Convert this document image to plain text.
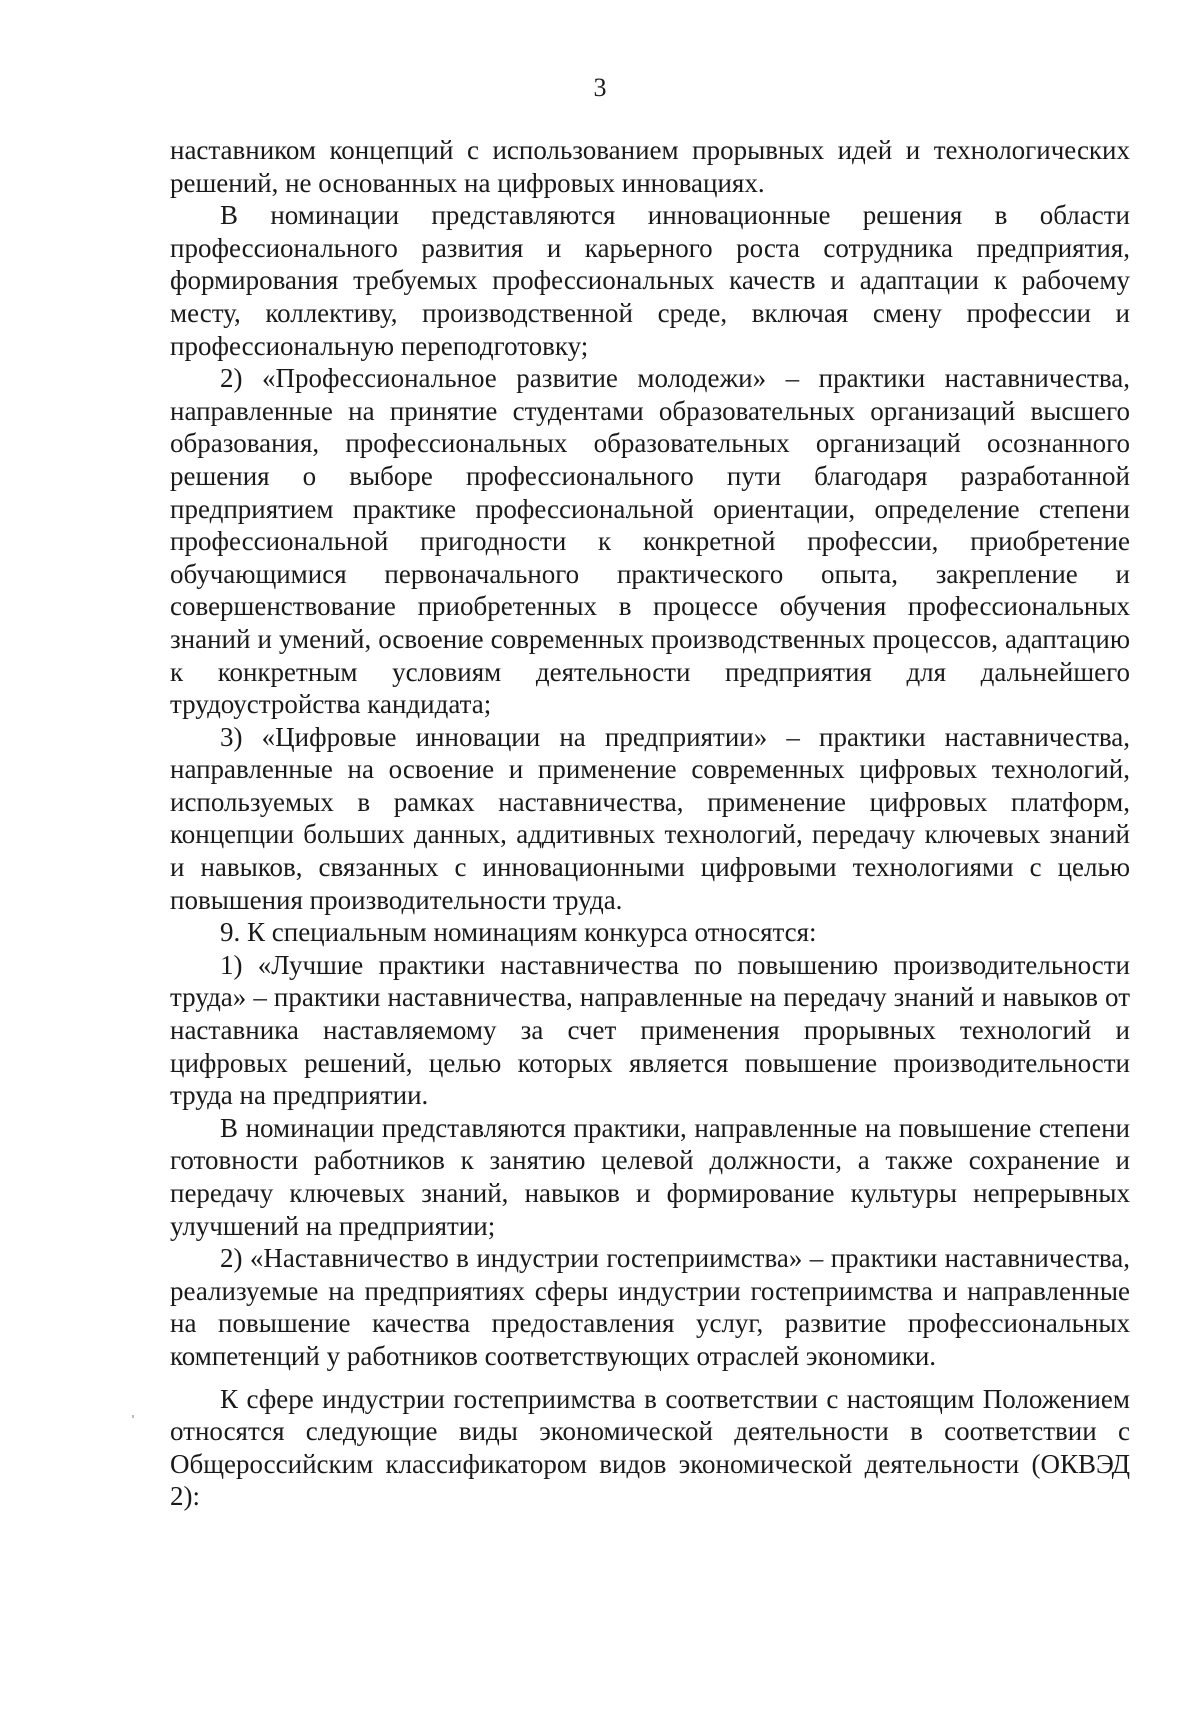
3

наставником концепций с использованием прорывных идей и технологических решений, не основанных на цифровых инновациях.

В номинации представляются инновационные решения в области профессионального развития и карьерного роста сотрудника предприятия, формирования требуемых профессиональных качеств и адаптации к рабочему месту, коллективу, производственной среде, включая смену профессии и профессиональную переподготовку;

2) «Профессиональное развитие молодежи» – практики наставничества, направленные на принятие студентами образовательных организаций высшего образования, профессиональных образовательных организаций осознанного решения о выборе профессионального пути благодаря разработанной предприятием практике профессиональной ориентации, определение степени профессиональной пригодности к конкретной профессии, приобретение обучающимися первоначального практического опыта, закрепление и совершенствование приобретенных в процессе обучения профессиональных знаний и умений, освоение современных производственных процессов, адаптацию к конкретным условиям деятельности предприятия для дальнейшего трудоустройства кандидата;

3) «Цифровые инновации на предприятии» – практики наставничества, направленные на освоение и применение современных цифровых технологий, используемых в рамках наставничества, применение цифровых платформ, концепции больших данных, аддитивных технологий, передачу ключевых знаний и навыков, связанных с инновационными цифровыми технологиями с целью повышения производительности труда.

9. К специальным номинациям конкурса относятся:

1) «Лучшие практики наставничества по повышению производительности труда» – практики наставничества, направленные на передачу знаний и навыков от наставника наставляемому за счет применения прорывных технологий и цифровых решений, целью которых является повышение производительности труда на предприятии.

В номинации представляются практики, направленные на повышение степени готовности работников к занятию целевой должности, а также сохранение и передачу ключевых знаний, навыков и формирование культуры непрерывных улучшений на предприятии;

2) «Наставничество в индустрии гостеприимства» – практики наставничества, реализуемые на предприятиях сферы индустрии гостеприимства и направленные на повышение качества предоставления услуг, развитие профессиональных компетенций у работников соответствующих отраслей экономики.

К сфере индустрии гостеприимства в соответствии с настоящим Положением относятся следующие виды экономической деятельности в соответствии с Общероссийским классификатором видов экономической деятельности (ОКВЭД 2):
